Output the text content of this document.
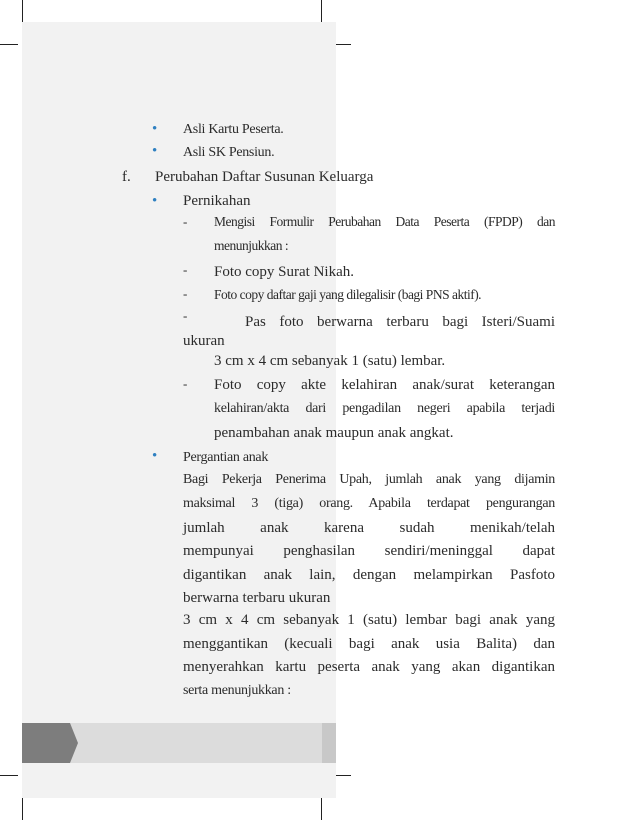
• Asli Kartu Peserta.
• Asli SK Pensiun.
f. Perubahan Daftar Susunan Keluarga
• Pernikahan
- Mengisi Formulir Perubahan Data Peserta (FPDP) dan
menunjukkan :
- Foto copy Surat Nikah.
- Foto copy daftar gaji yang dilegalisir (bagi PNS aktif).
-	Pas foto berwarna terbaru bagi Isteri/Suami
ukuran
3 cm x 4 cm sebanyak 1 (satu) lembar.
- Foto copy akte kelahiran anak/surat keterangan
kelahiran/akta dari pengadilan negeri apabila terjadi
penambahan anak maupun anak angkat.
• Pergantian anak
Bagi Pekerja Penerima Upah, jumlah anak yang dijamin
maksimal 3 (tiga) orang. Apabila terdapat pengurangan
jumlah anak karena sudah menikah/telah
mempunyai penghasilan sendiri/meninggal dapat
digantikan anak lain, dengan melampirkan Pasfoto
berwarna terbaru ukuran
3 cm x 4 cm sebanyak 1 (satu) lembar bagi anak yang
menggantikan (kecuali bagi anak usia Balita) dan
menyerahkan kartu peserta anak yang akan digantikan
serta menunjukkan :
